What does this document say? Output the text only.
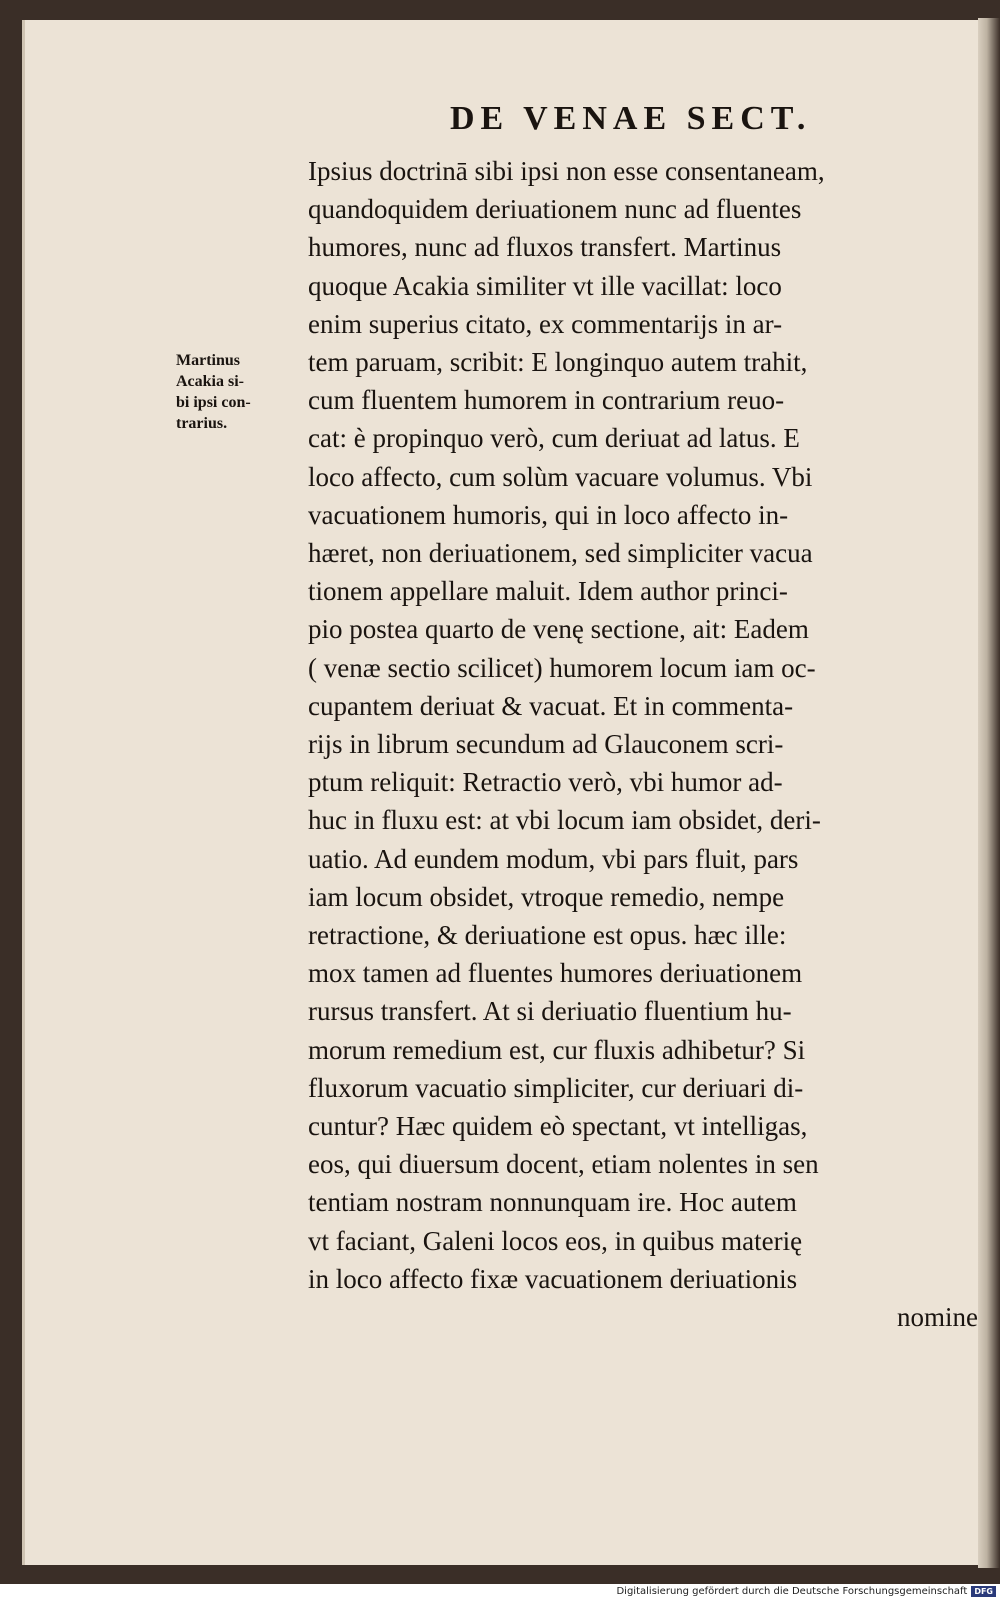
DE VENAE SECT.
Martinus
Acakia si-
bi ipsi con-
trarius.
Ipsius doctrinā sibi ipsi non esse consentaneam,
quandoquidem deriuationem nunc ad fluentes
humores, nunc ad fluxos transfert. Martinus
quoque Acakia similiter vt ille vacillat: loco
enim superius citato, ex commentarijs in ar-
tem paruam, scribit: E longinquo autem trahit,
cum fluentem humorem in contrarium reuo-
cat: è propinquo verò, cum deriuat ad latus. E
loco affecto, cum solùm vacuare volumus. Vbi
vacuationem humoris, qui in loco affecto in-
hæret, non deriuationem, sed simpliciter vacua
tionem appellare maluit. Idem author princi-
pio postea quarto de venę sectione, ait: Eadem
( venæ sectio scilicet) humorem locum iam oc-
cupantem deriuat & vacuat. Et in commenta-
rijs in librum secundum ad Glauconem scri-
ptum reliquit: Retractio verò, vbi humor ad-
huc in fluxu est: at vbi locum iam obsidet, deri-
uatio. Ad eundem modum, vbi pars fluit, pars
iam locum obsidet, vtroque remedio, nempe
retractione, & deriuatione est opus. hæc ille:
mox tamen ad fluentes humores deriuationem
rursus transfert. At si deriuatio fluentium hu-
morum remedium est, cur fluxis adhibetur? Si
fluxorum vacuatio simpliciter, cur deriuari di-
cuntur? Hæc quidem eò spectant, vt intelligas,
eos, qui diuersum docent, etiam nolentes in sen
tentiam nostram nonnunquam ire. Hoc autem
vt faciant, Galeni locos eos, in quibus materię
in loco affecto fixæ vacuationem deriuationis
nomine
Digitalisierung gefördert durch die Deutsche Forschungsgemeinschaft DFG
